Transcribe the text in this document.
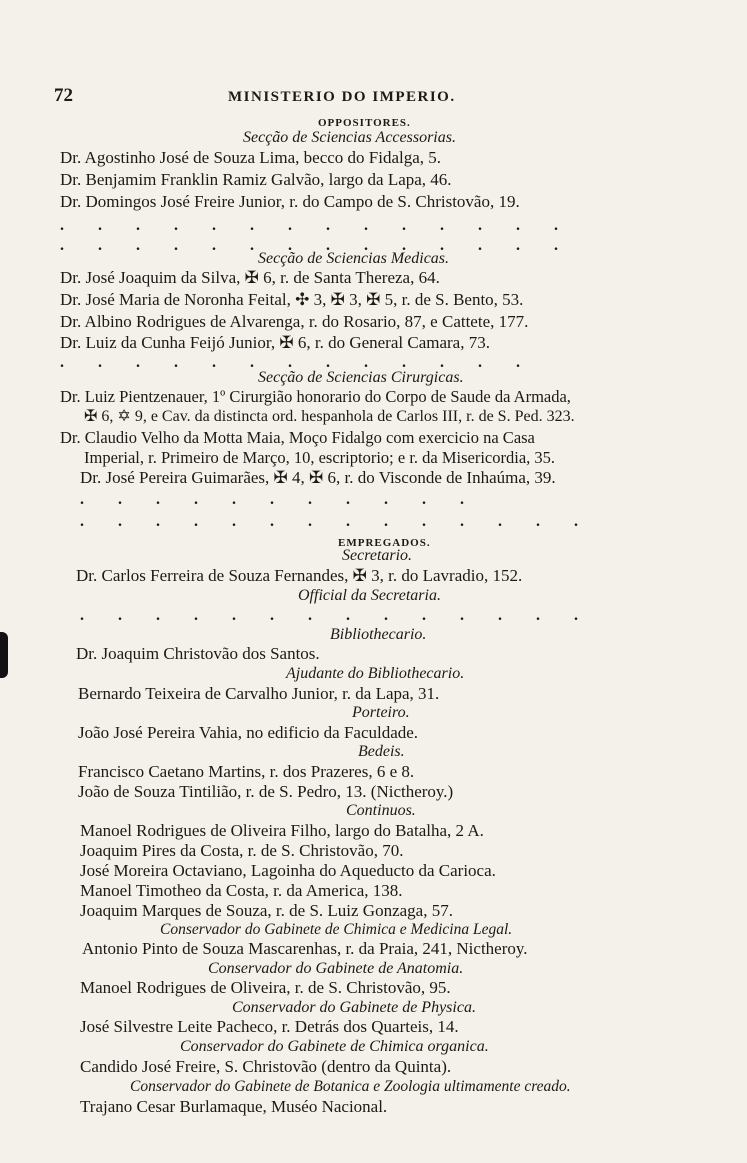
72	MINISTERIO DO IMPERIO.
OPPOSITORES.
Secção de Sciencias Accessorias.
Dr. Agostinho José de Souza Lima, becco do Fidalga, 5.
Dr. Benjamim Franklin Ramiz Galvão, largo da Lapa, 46.
Dr. Domingos José Freire Junior, r. do Campo de S. Christovão, 19.
. . . . . . . . . . . . . .
. . . . . . . . . . . . . .
Secção de Sciencias Medicas.
Dr. José Joaquim da Silva, ✠ 6, r. de Santa Thereza, 64.
Dr. José Maria de Noronha Feital, ✣ 3, ✠ 3, ✠ 5, r. de S. Bento, 53.
Dr. Albino Rodrigues de Alvarenga, r. do Rosario, 87, e Cattete, 177.
Dr. Luiz da Cunha Feijó Junior, ✠ 6, r. do General Camara, 73.
. . . . . . . . . . . . .
Secção de Sciencias Cirurgicas.
Dr. Luiz Pientzenauer, 1º Cirurgião honorario do Corpo de Saude da Armada,
✠ 6, ✡ 9, e Cav. da distincta ord. hespanhola de Carlos III, r. de S. Ped. 323.
Dr. Claudio Velho da Motta Maia, Moço Fidalgo com exercicio na Casa
Imperial, r. Primeiro de Março, 10, escriptorio; e r. da Misericordia, 35.
Dr. José Pereira Guimarães, ✠ 4, ✠ 6, r. do Visconde de Inhaúma, 39.
. . . . . . . . . . .
. . . . . . . . . . . . . .
EMPREGADOS.
Secretario.
Dr. Carlos Ferreira de Souza Fernandes, ✠ 3, r. do Lavradio, 152.
Official da Secretaria.
. . . . . . . . . . . . . .
Bibliothecario.
Dr. Joaquim Christovão dos Santos.
Ajudante do Bibliothecario.
Bernardo Teixeira de Carvalho Junior, r. da Lapa, 31.
Porteiro.
João José Pereira Vahia, no edificio da Faculdade.
Bedeis.
Francisco Caetano Martins, r. dos Prazeres, 6 e 8.
João de Souza Tintilião, r. de S. Pedro, 13. (Nictheroy.)
Continuos.
Manoel Rodrigues de Oliveira Filho, largo do Batalha, 2 A.
Joaquim Pires da Costa, r. de S. Christovão, 70.
José Moreira Octaviano, Lagoinha do Aqueducto da Carioca.
Manoel Timotheo da Costa, r. da America, 138.
Joaquim Marques de Souza, r. de S. Luiz Gonzaga, 57.
Conservador do Gabinete de Chimica e Medicina Legal.
Antonio Pinto de Souza Mascarenhas, r. da Praia, 241, Nictheroy.
Conservador do Gabinete de Anatomia.
Manoel Rodrigues de Oliveira, r. de S. Christovão, 95.
Conservador do Gabinete de Physica.
José Silvestre Leite Pacheco, r. Detrás dos Quarteis, 14.
Conservador do Gabinete de Chimica organica.
Candido José Freire, S. Christovão (dentro da Quinta).
Conservador do Gabinete de Botanica e Zoologia ultimamente creado.
Trajano Cesar Burlamaque, Muséo Nacional.
